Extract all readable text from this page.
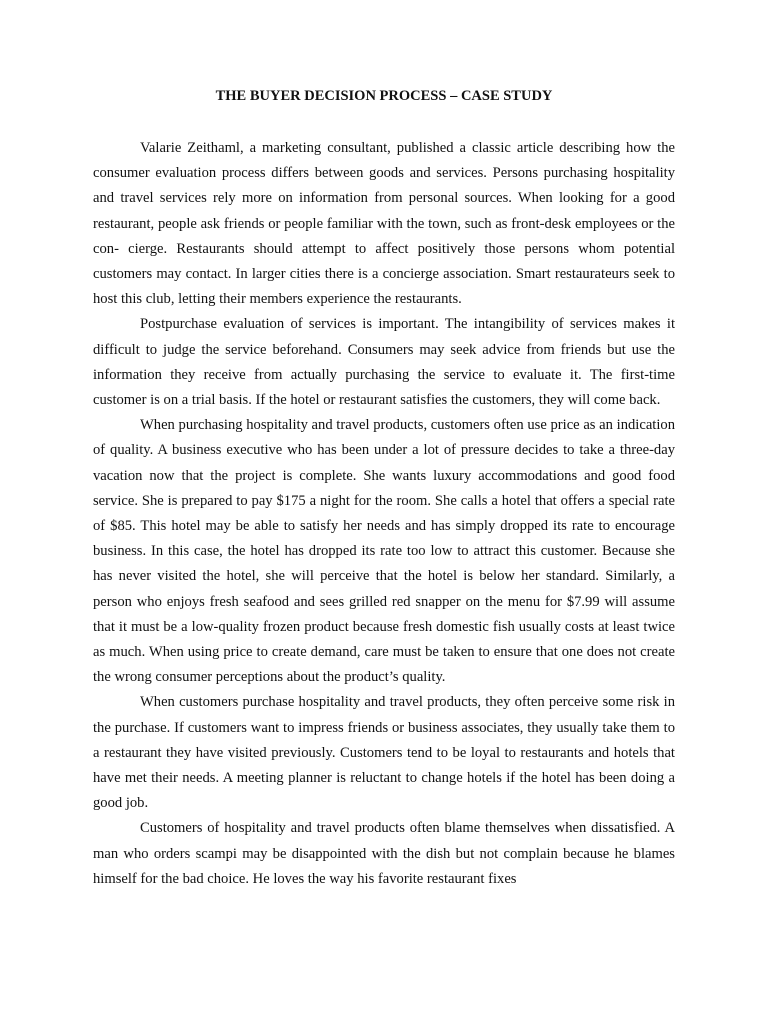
THE BUYER DECISION PROCESS – CASE STUDY

Valarie Zeithaml, a marketing consultant, published a classic article describing how the consumer evaluation process differs between goods and services. Persons purchasing hospitality and travel services rely more on information from personal sources. When looking for a good restaurant, people ask friends or people familiar with the town, such as front-desk employees or the con- cierge. Restaurants should attempt to affect positively those persons whom potential customers may contact. In larger cities there is a concierge association. Smart restaurateurs seek to host this club, letting their members experience the restaurants.

Postpurchase evaluation of services is important. The intangibility of services makes it difficult to judge the service beforehand. Consumers may seek advice from friends but use the information they receive from actually purchasing the service to evaluate it. The first-time customer is on a trial basis. If the hotel or restaurant satisfies the customers, they will come back.

When purchasing hospitality and travel products, customers often use price as an indication of quality. A business executive who has been under a lot of pressure decides to take a three-day vacation now that the project is complete. She wants luxury accommodations and good food service. She is prepared to pay $175 a night for the room. She calls a hotel that offers a special rate of $85. This hotel may be able to satisfy her needs and has simply dropped its rate to encourage business. In this case, the hotel has dropped its rate too low to attract this customer. Because she has never visited the hotel, she will perceive that the hotel is below her standard. Similarly, a person who enjoys fresh seafood and sees grilled red snapper on the menu for $7.99 will assume that it must be a low-quality frozen product because fresh domestic fish usually costs at least twice as much. When using price to create demand, care must be taken to ensure that one does not create the wrong consumer perceptions about the product’s quality.

When customers purchase hospitality and travel products, they often perceive some risk in the purchase. If customers want to impress friends or business associates, they usually take them to a restaurant they have visited previously. Customers tend to be loyal to restaurants and hotels that have met their needs. A meeting planner is reluctant to change hotels if the hotel has been doing a good job.

Customers of hospitality and travel products often blame themselves when dissatisfied. A man who orders scampi may be disappointed with the dish but not complain because he blames himself for the bad choice. He loves the way his favorite restaurant fixes
